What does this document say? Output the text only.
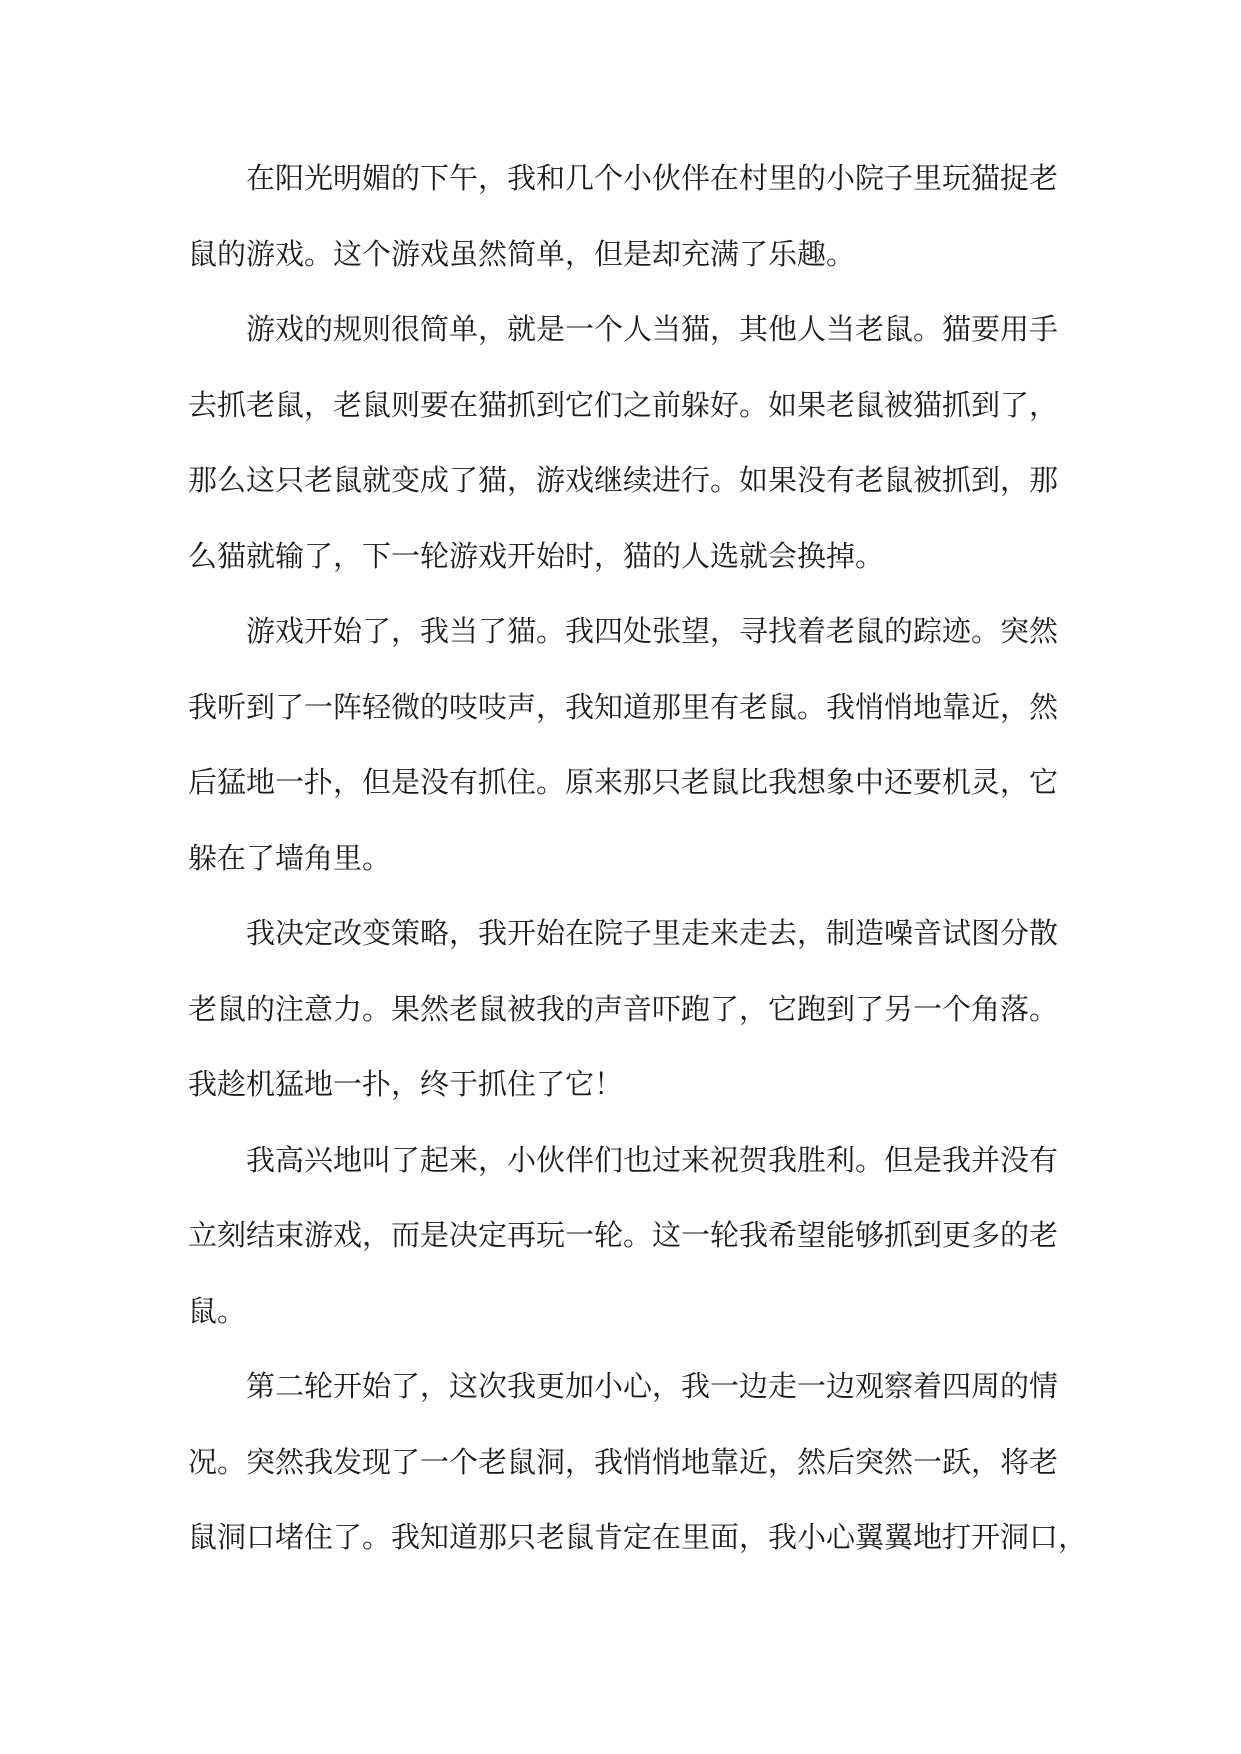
在阳光明媚的下午，我和几个小伙伴在村里的小院子里玩猫捉老
鼠的游戏。这个游戏虽然简单，但是却充满了乐趣。
游戏的规则很简单，就是一个人当猫，其他人当老鼠。猫要用手
去抓老鼠，老鼠则要在猫抓到它们之前躲好。如果老鼠被猫抓到了，
那么这只老鼠就变成了猫，游戏继续进行。如果没有老鼠被抓到，那
么猫就输了，下一轮游戏开始时，猫的人选就会换掉。
游戏开始了，我当了猫。我四处张望，寻找着老鼠的踪迹。突然
我听到了一阵轻微的吱吱声，我知道那里有老鼠。我悄悄地靠近，然
后猛地一扑，但是没有抓住。原来那只老鼠比我想象中还要机灵，它
躲在了墙角里。
我决定改变策略，我开始在院子里走来走去，制造噪音试图分散
老鼠的注意力。果然老鼠被我的声音吓跑了，它跑到了另一个角落。
我趁机猛地一扑，终于抓住了它！
我高兴地叫了起来，小伙伴们也过来祝贺我胜利。但是我并没有
立刻结束游戏，而是决定再玩一轮。这一轮我希望能够抓到更多的老
鼠。
第二轮开始了，这次我更加小心，我一边走一边观察着四周的情
况。突然我发现了一个老鼠洞，我悄悄地靠近，然后突然一跃，将老
鼠洞口堵住了。我知道那只老鼠肯定在里面，我小心翼翼地打开洞口，
